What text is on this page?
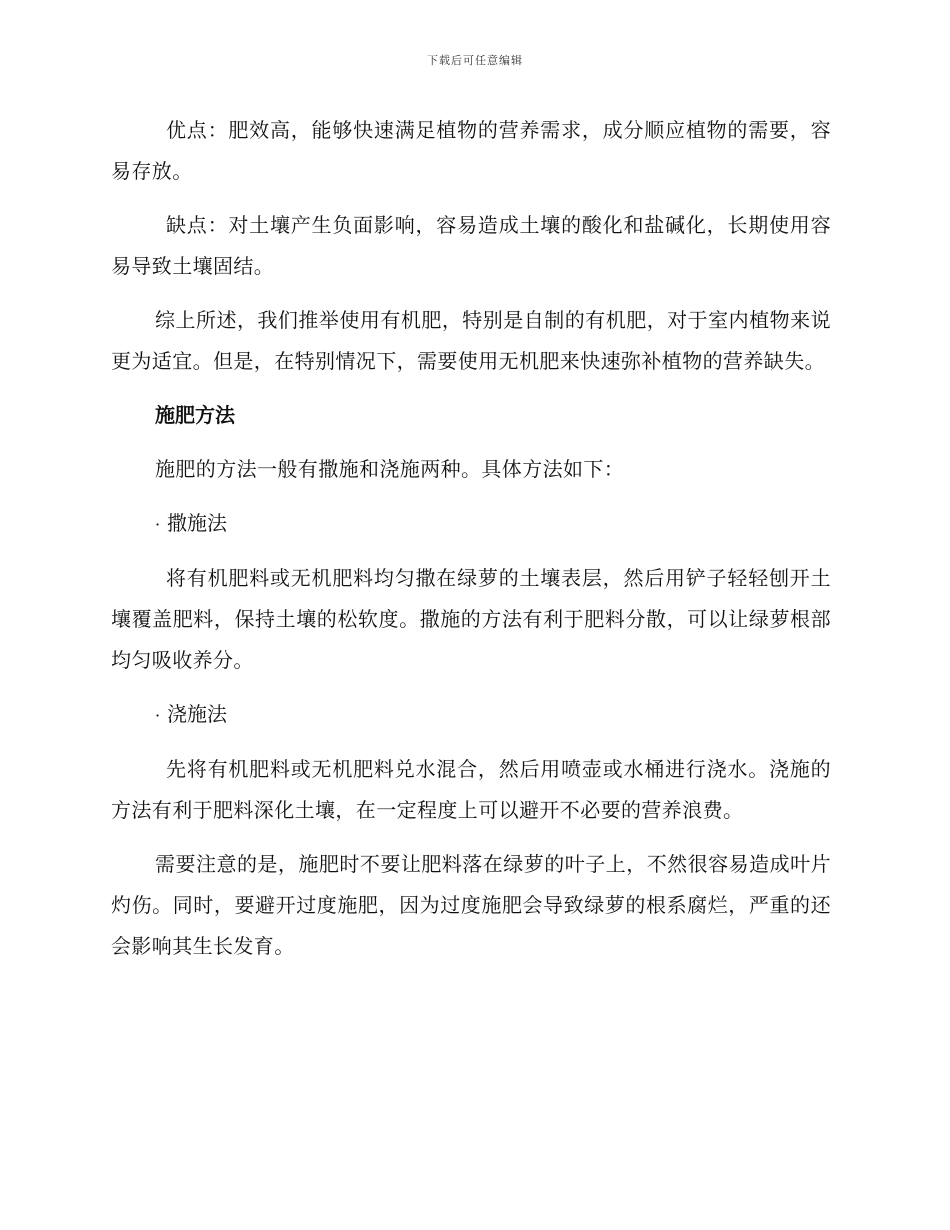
下载后可任意编辑

优点：肥效高，能够快速满足植物的营养需求，成分顺应植物的需要，容易存放。

缺点：对土壤产生负面影响，容易造成土壤的酸化和盐碱化，长期使用容易导致土壤固结。

综上所述，我们推举使用有机肥，特别是自制的有机肥，对于室内植物来说更为适宜。但是，在特别情况下，需要使用无机肥来快速弥补植物的营养缺失。

施肥方法

施肥的方法一般有撒施和浇施两种。具体方法如下：

· 撒施法

将有机肥料或无机肥料均匀撒在绿萝的土壤表层，然后用铲子轻轻刨开土壤覆盖肥料，保持土壤的松软度。撒施的方法有利于肥料分散，可以让绿萝根部均匀吸收养分。

· 浇施法

先将有机肥料或无机肥料兑水混合，然后用喷壶或水桶进行浇水。浇施的方法有利于肥料深化土壤，在一定程度上可以避开不必要的营养浪费。

需要注意的是，施肥时不要让肥料落在绿萝的叶子上，不然很容易造成叶片灼伤。同时，要避开过度施肥，因为过度施肥会导致绿萝的根系腐烂，严重的还会影响其生长发育。
